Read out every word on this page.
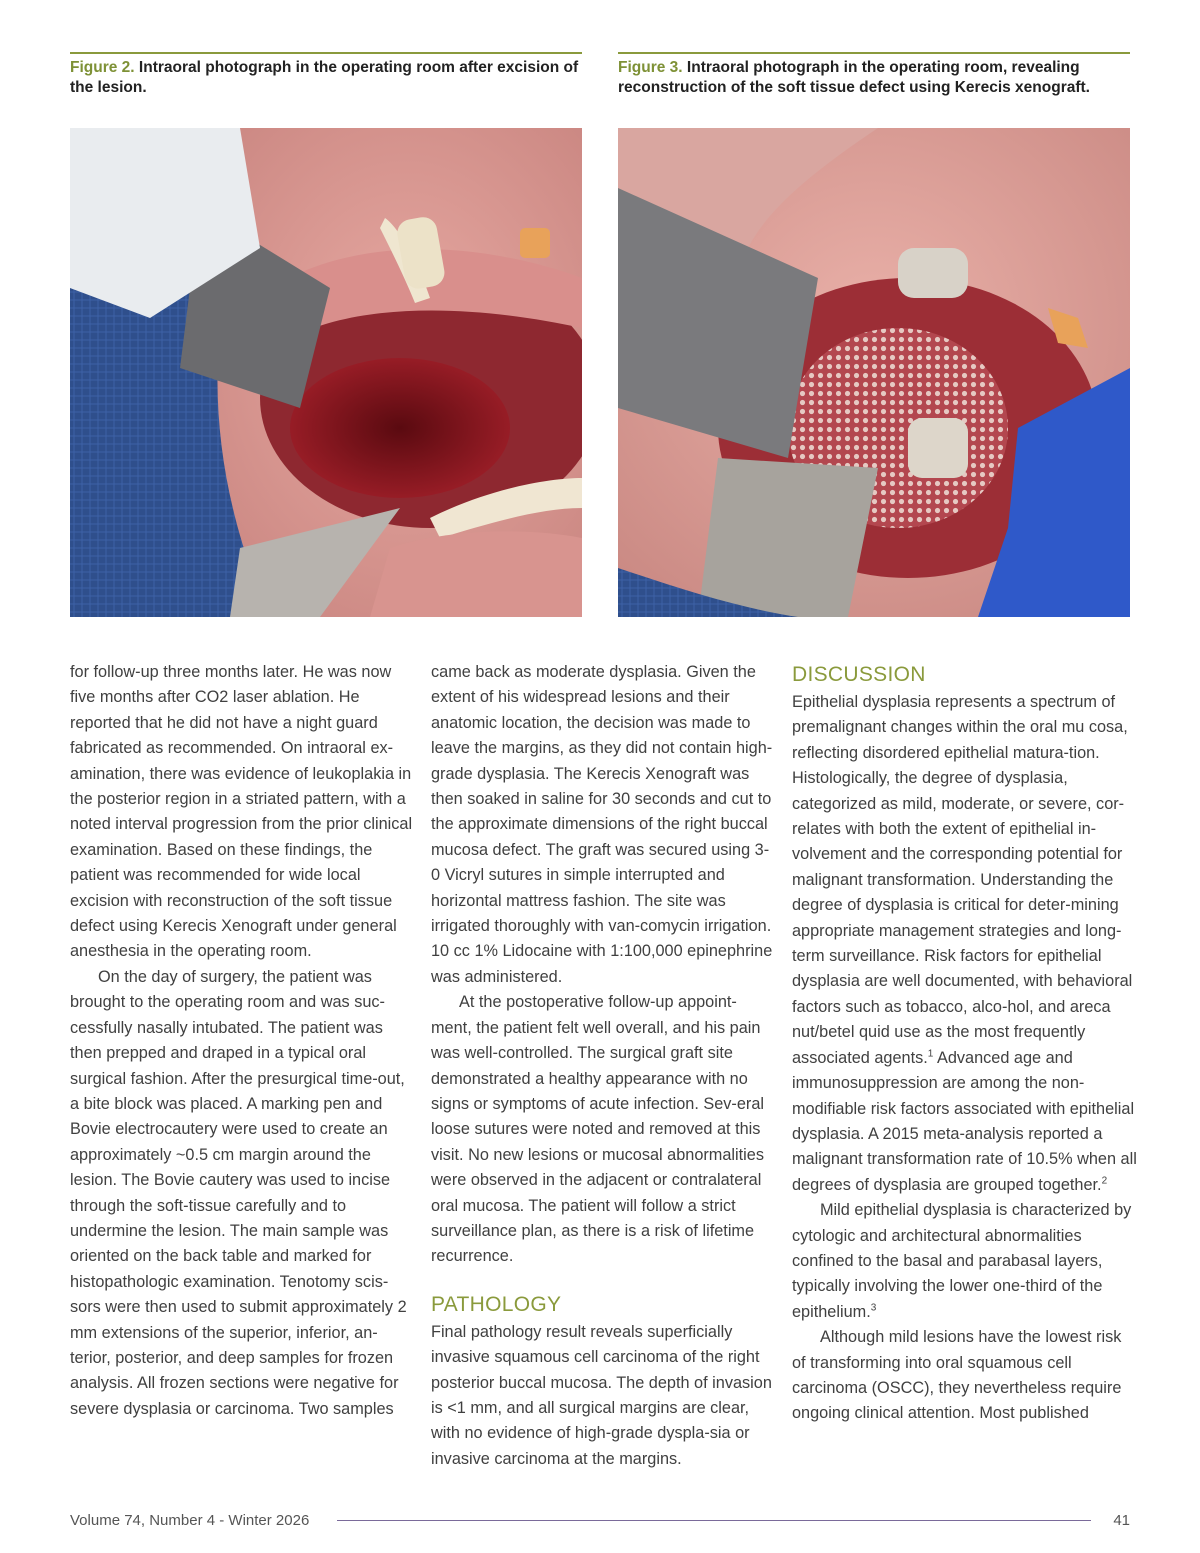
Figure 2. Intraoral photograph in the operating room after excision of the lesion.
Figure 3. Intraoral photograph in the operating room, revealing reconstruction of the soft tissue defect using Kerecis xenograft.

for follow-up three months later. He was now five months after CO2 laser ablation. He reported that he did not have a night guard fabricated as recommended. On intraoral ex-amination, there was evidence of leukoplakia in the posterior region in a striated pattern, with a noted interval progression from the prior clinical examination. Based on these findings, the patient was recommended for wide local excision with reconstruction of the soft tissue defect using Kerecis Xenograft under general anesthesia in the operating room.

On the day of surgery, the patient was brought to the operating room and was suc-cessfully nasally intubated. The patient was then prepped and draped in a typical oral surgical fashion. After the presurgical time-out, a bite block was placed. A marking pen and Bovie electrocautery were used to create an approximately ~0.5 cm margin around the lesion. The Bovie cautery was used to incise through the soft-tissue carefully and to undermine the lesion. The main sample was oriented on the back table and marked for histopathologic examination. Tenotomy scis-sors were then used to submit approximately 2 mm extensions of the superior, inferior, an-terior, posterior, and deep samples for frozen analysis. All frozen sections were negative for severe dysplasia or carcinoma. Two samples

came back as moderate dysplasia. Given the extent of his widespread lesions and their anatomic location, the decision was made to leave the margins, as they did not contain high-grade dysplasia. The Kerecis Xenograft was then soaked in saline for 30 seconds and cut to the approximate dimensions of the right buccal mucosa defect. The graft was secured using 3-0 Vicryl sutures in simple interrupted and horizontal mattress fashion. The site was irrigated thoroughly with van-comycin irrigation. 10 cc 1% Lidocaine with 1:100,000 epinephrine was administered.

At the postoperative follow-up appoint-ment, the patient felt well overall, and his pain was well-controlled. The surgical graft site demonstrated a healthy appearance with no signs or symptoms of acute infection. Sev-eral loose sutures were noted and removed at this visit. No new lesions or mucosal abnormalities were observed in the adjacent or contralateral oral mucosa. The patient will follow a strict surveillance plan, as there is a risk of lifetime recurrence.

PATHOLOGY

Final pathology result reveals superficially invasive squamous cell carcinoma of the right posterior buccal mucosa. The depth of invasion is <1 mm, and all surgical margins are clear, with no evidence of high-grade dyspla-sia or invasive carcinoma at the margins.

DISCUSSION

Epithelial dysplasia represents a spectrum of premalignant changes within the oral mu cosa, reflecting disordered epithelial matura-tion. Histologically, the degree of dysplasia, categorized as mild, moderate, or severe, cor-relates with both the extent of epithelial in-volvement and the corresponding potential for malignant transformation. Understanding the degree of dysplasia is critical for deter-mining appropriate management strategies and long-term surveillance. Risk factors for epithelial dysplasia are well documented, with behavioral factors such as tobacco, alco-hol, and areca nut/betel quid use as the most frequently associated agents.$^1$ Advanced age and immunosuppression are among the non-modifiable risk factors associated with epithelial dysplasia. A 2015 meta-analysis reported a malignant transformation rate of 10.5% when all degrees of dysplasia are grouped together.$^2$

Mild epithelial dysplasia is characterized by cytologic and architectural abnormalities confined to the basal and parabasal layers, typically involving the lower one-third of the epithelium.$^3$

Although mild lesions have the lowest risk of transforming into oral squamous cell carcinoma (OSCC), they nevertheless require ongoing clinical attention. Most published

Volume 74, Number 4 - Winter 2026	41
